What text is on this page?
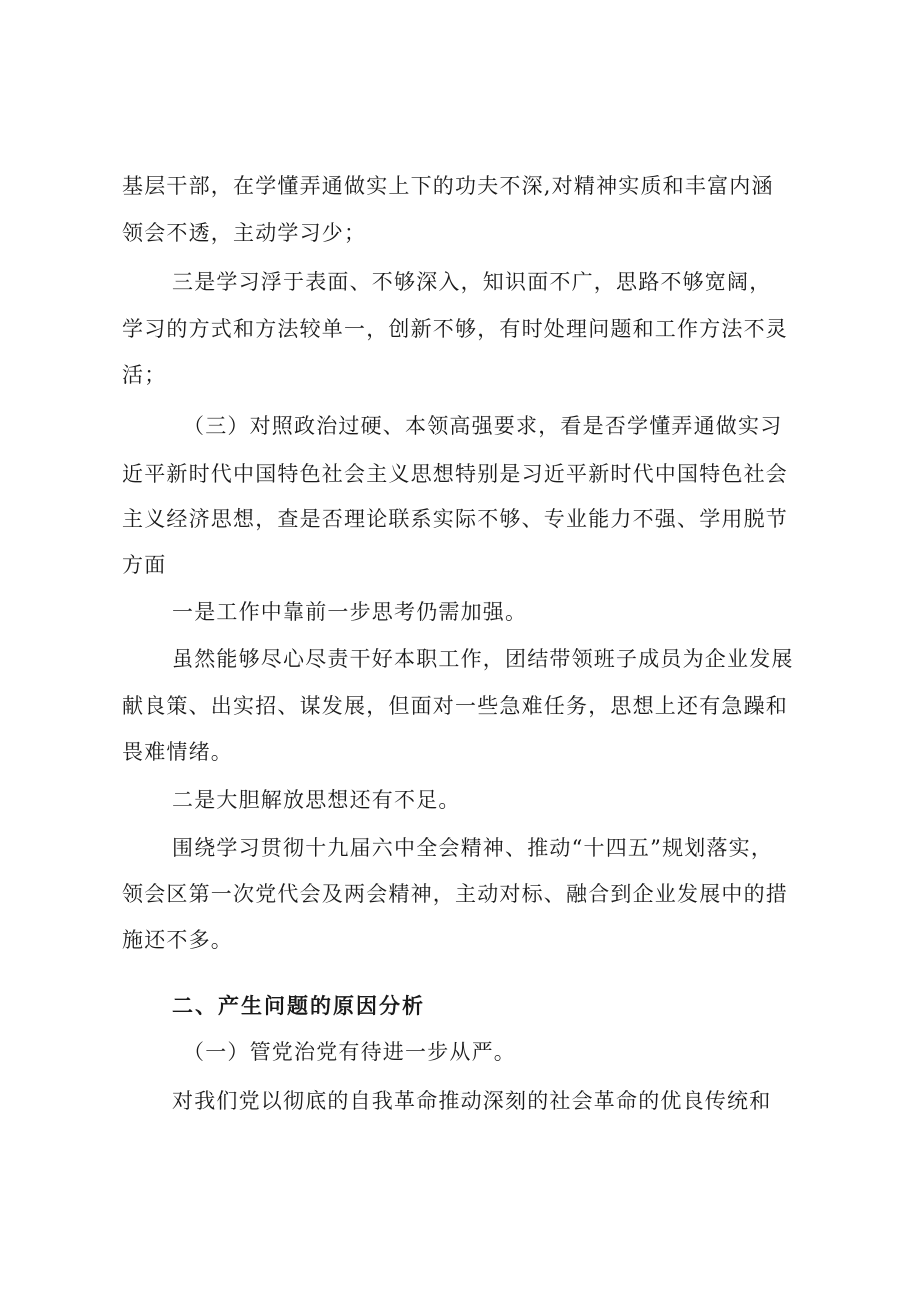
基层干部，在学懂弄通做实上下的功夫不深,对精神实质和丰富内涵
领会不透，主动学习少；
三是学习浮于表面、不够深入，知识面不广，思路不够宽阔，
学习的方式和方法较单一，创新不够，有时处理问题和工作方法不灵
活；
（三）对照政治过硬、本领高强要求，看是否学懂弄通做实习
近平新时代中国特色社会主义思想特别是习近平新时代中国特色社会
主义经济思想，查是否理论联系实际不够、专业能力不强、学用脱节
方面
一是工作中靠前一步思考仍需加强。
虽然能够尽心尽责干好本职工作，团结带领班子成员为企业发展
献良策、出实招、谋发展，但面对一些急难任务，思想上还有急躁和
畏难情绪。
二是大胆解放思想还有不足。
围绕学习贯彻十九届六中全会精神、推动“十四五”规划落实，
领会区第一次党代会及两会精神，主动对标、融合到企业发展中的措
施还不多。
二、产生问题的原因分析
（一）管党治党有待进一步从严。
对我们党以彻底的自我革命推动深刻的社会革命的优良传统和
